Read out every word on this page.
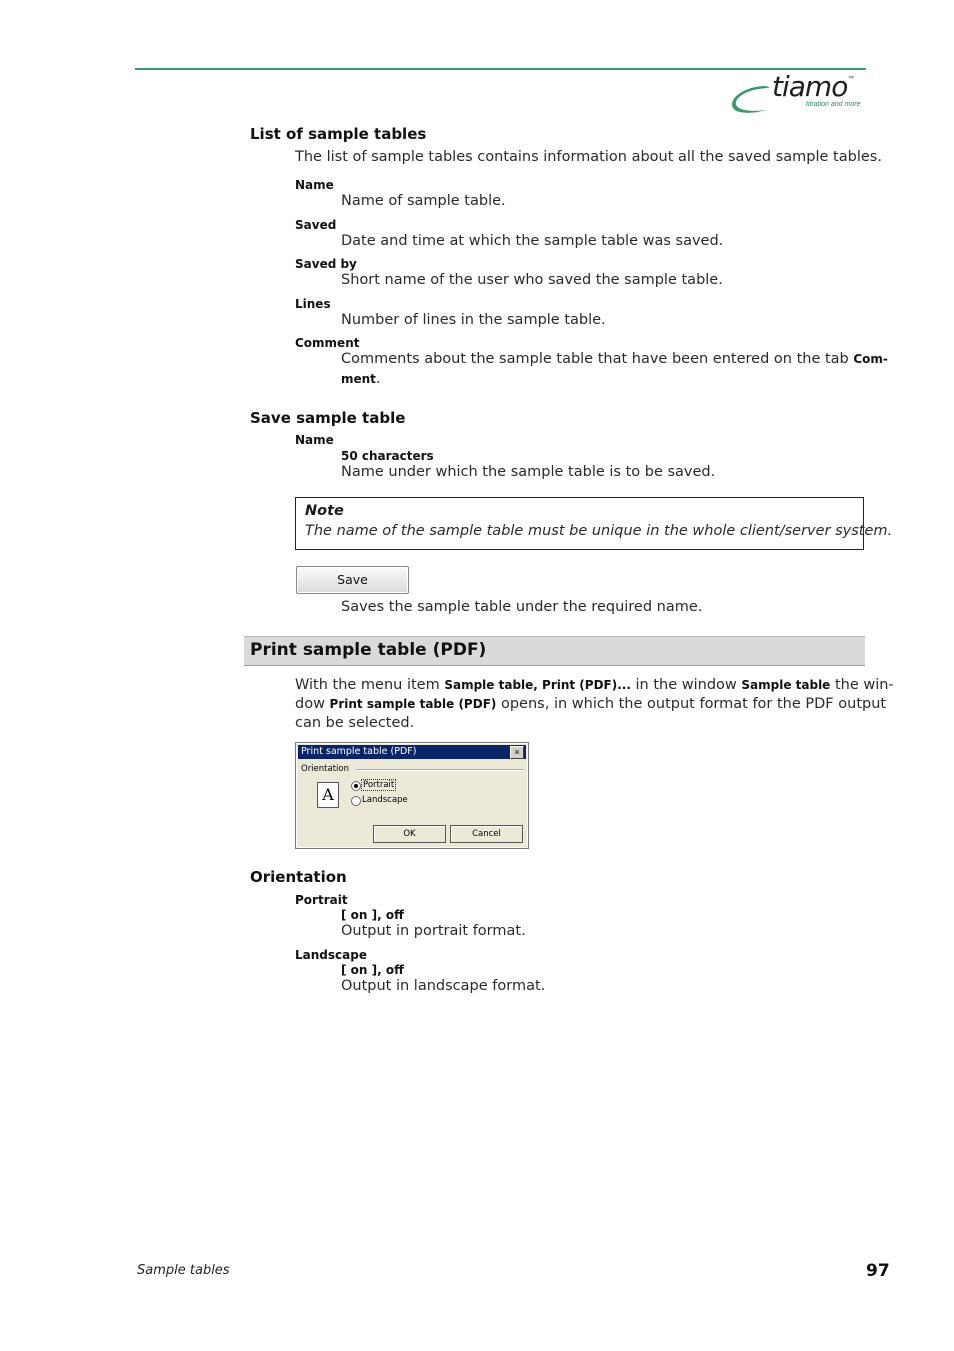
tiamo ™
titration and more
List of sample tables
The list of sample tables contains information about all the saved sample tables.
Name
Name of sample table.
Saved
Date and time at which the sample table was saved.
Saved by
Short name of the user who saved the sample table.
Lines
Number of lines in the sample table.
Comment
Comments about the sample table that have been entered on the tab Com-
ment.
Save sample table
Name
50 characters
Name under which the sample table is to be saved.
Note
The name of the sample table must be unique in the whole client/server system.
Save
Saves the sample table under the required name.
Print sample table (PDF)
With the menu item Sample table, Print (PDF)... in the window Sample table the win-
dow Print sample table (PDF) opens, in which the output format for the PDF output
can be selected.
Print sample table (PDF)	×
Orientation
A	Portrait
Landscape
OK	Cancel
Orientation
Portrait
[ on ], off
Output in portrait format.
Landscape
[ on ], off
Output in landscape format.
Sample tables	97
